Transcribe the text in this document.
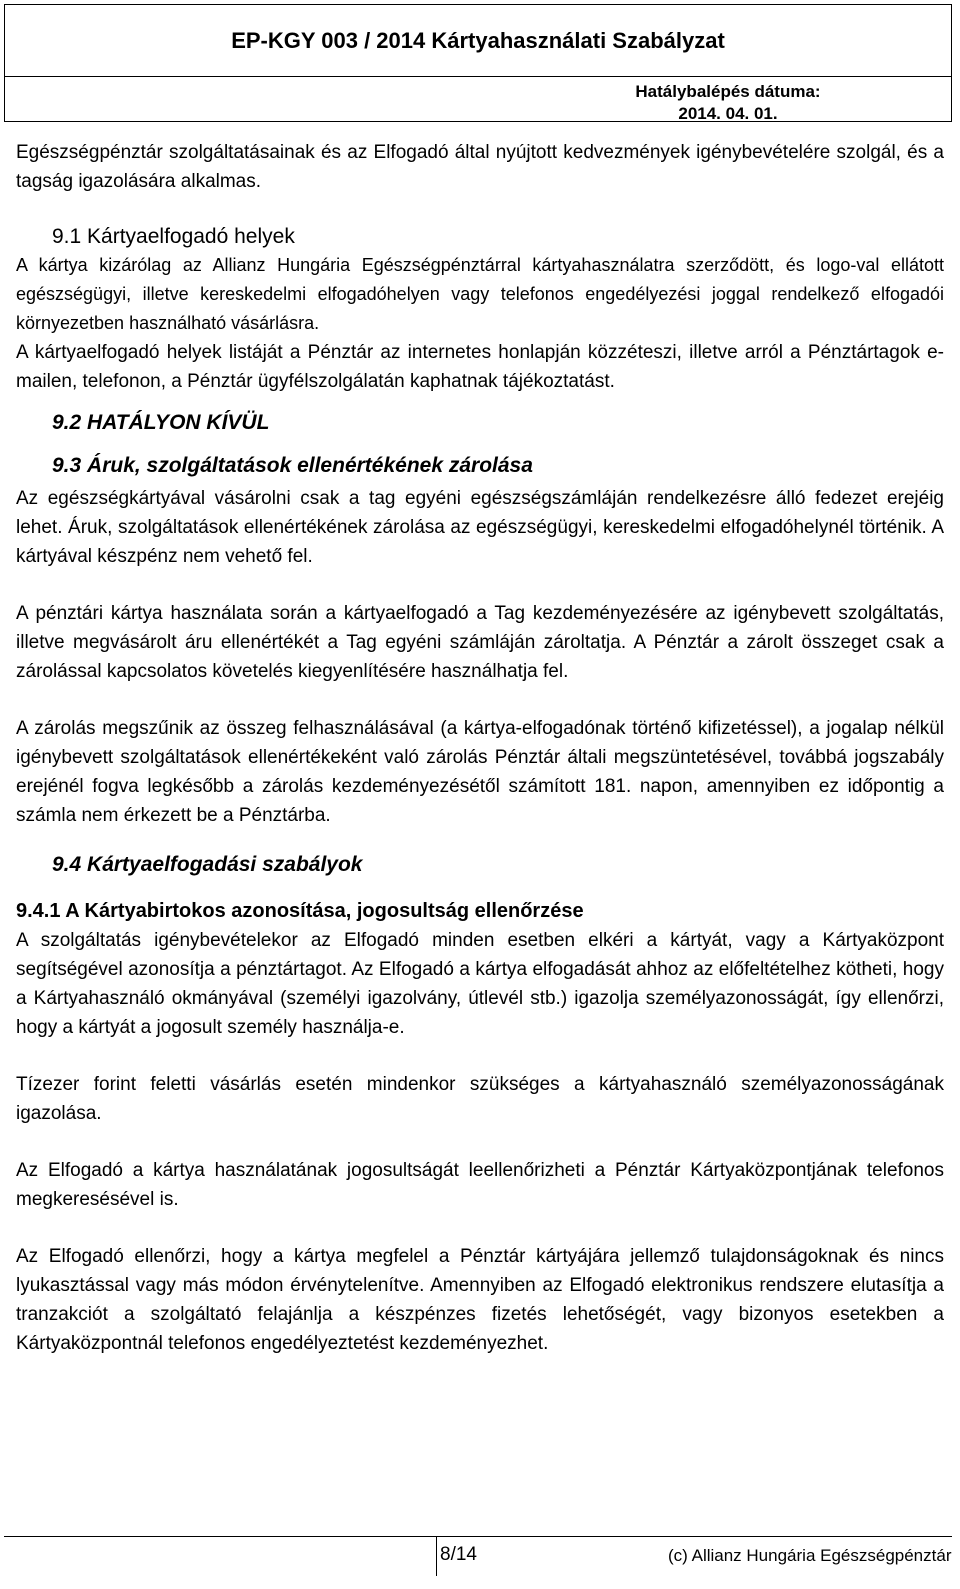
EP-KGY 003 / 2014 Kártyahasználati Szabályzat
Hatálybalépés dátuma:
2014. 04. 01.

Egészségpénztár szolgáltatásainak és az Elfogadó által nyújtott kedvezmények igénybevételére szolgál, és a tagság igazolására alkalmas.

9.1 Kártyaelfogadó helyek

A kártya kizárólag az Allianz Hungária Egészségpénztárral kártyahasználatra szerződött, és logo-val ellátott egészségügyi, illetve kereskedelmi elfogadóhelyen vagy telefonos engedélyezési joggal rendelkező elfogadói környezetben használható vásárlásra.

A kártyaelfogadó helyek listáját a Pénztár az internetes honlapján közzéteszi, illetve arról a Pénztártagok e-mailen, telefonon, a Pénztár ügyfélszolgálatán kaphatnak tájékoztatást.

9.2 HATÁLYON KÍVÜL
9.3 Áruk, szolgáltatások ellenértékének zárolása

Az egészségkártyával vásárolni csak a tag egyéni egészségszámláján rendelkezésre álló fedezet erejéig lehet. Áruk, szolgáltatások ellenértékének zárolása az egészségügyi, kereskedelmi elfogadóhelynél történik. A kártyával készpénz nem vehető fel.

A pénztári kártya használata során a kártyaelfogadó a Tag kezdeményezésére az igénybevett szolgáltatás, illetve megvásárolt áru ellenértékét a Tag egyéni számláján zároltatja. A Pénztár a zárolt összeget csak a zárolással kapcsolatos követelés kiegyenlítésére használhatja fel.

A zárolás megszűnik az összeg felhasználásával (a kártya-elfogadónak történő kifizetéssel), a jogalap nélkül igénybevett szolgáltatások ellenértékeként való zárolás Pénztár általi megszüntetésével, továbbá jogszabály erejénél fogva legkésőbb a zárolás kezdeményezésétől számított 181. napon, amennyiben ez időpontig a számla nem érkezett be a Pénztárba.

9.4 Kártyaelfogadási szabályok
9.4.1 A Kártyabirtokos azonosítása, jogosultság ellenőrzése

A szolgáltatás igénybevételekor az Elfogadó minden esetben elkéri a kártyát, vagy a Kártyaközpont segítségével azonosítja a pénztártagot. Az Elfogadó a kártya elfogadását ahhoz az előfeltételhez kötheti, hogy a Kártyahasználó okmányával (személyi igazolvány, útlevél stb.) igazolja személyazonosságát, így ellenőrzi, hogy a kártyát a jogosult személy használja-e.

Tízezer forint feletti vásárlás esetén mindenkor szükséges a kártyahasználó személyazonosságának igazolása.

Az Elfogadó a kártya használatának jogosultságát leellenőrizheti a Pénztár Kártyaközpontjának telefonos megkeresésével is.

Az Elfogadó ellenőrzi, hogy a kártya megfelel a Pénztár kártyájára jellemző tulajdonságoknak és nincs lyukasztással vagy más módon érvénytelenítve. Amennyiben az Elfogadó elektronikus rendszere elutasítja a tranzakciót a szolgáltató felajánlja a készpénzes fizetés lehetőségét, vagy bizonyos esetekben a Kártyaközpontnál telefonos engedélyeztetést kezdeményezhet.

8/14	(c) Allianz Hungária Egészségpénztár
